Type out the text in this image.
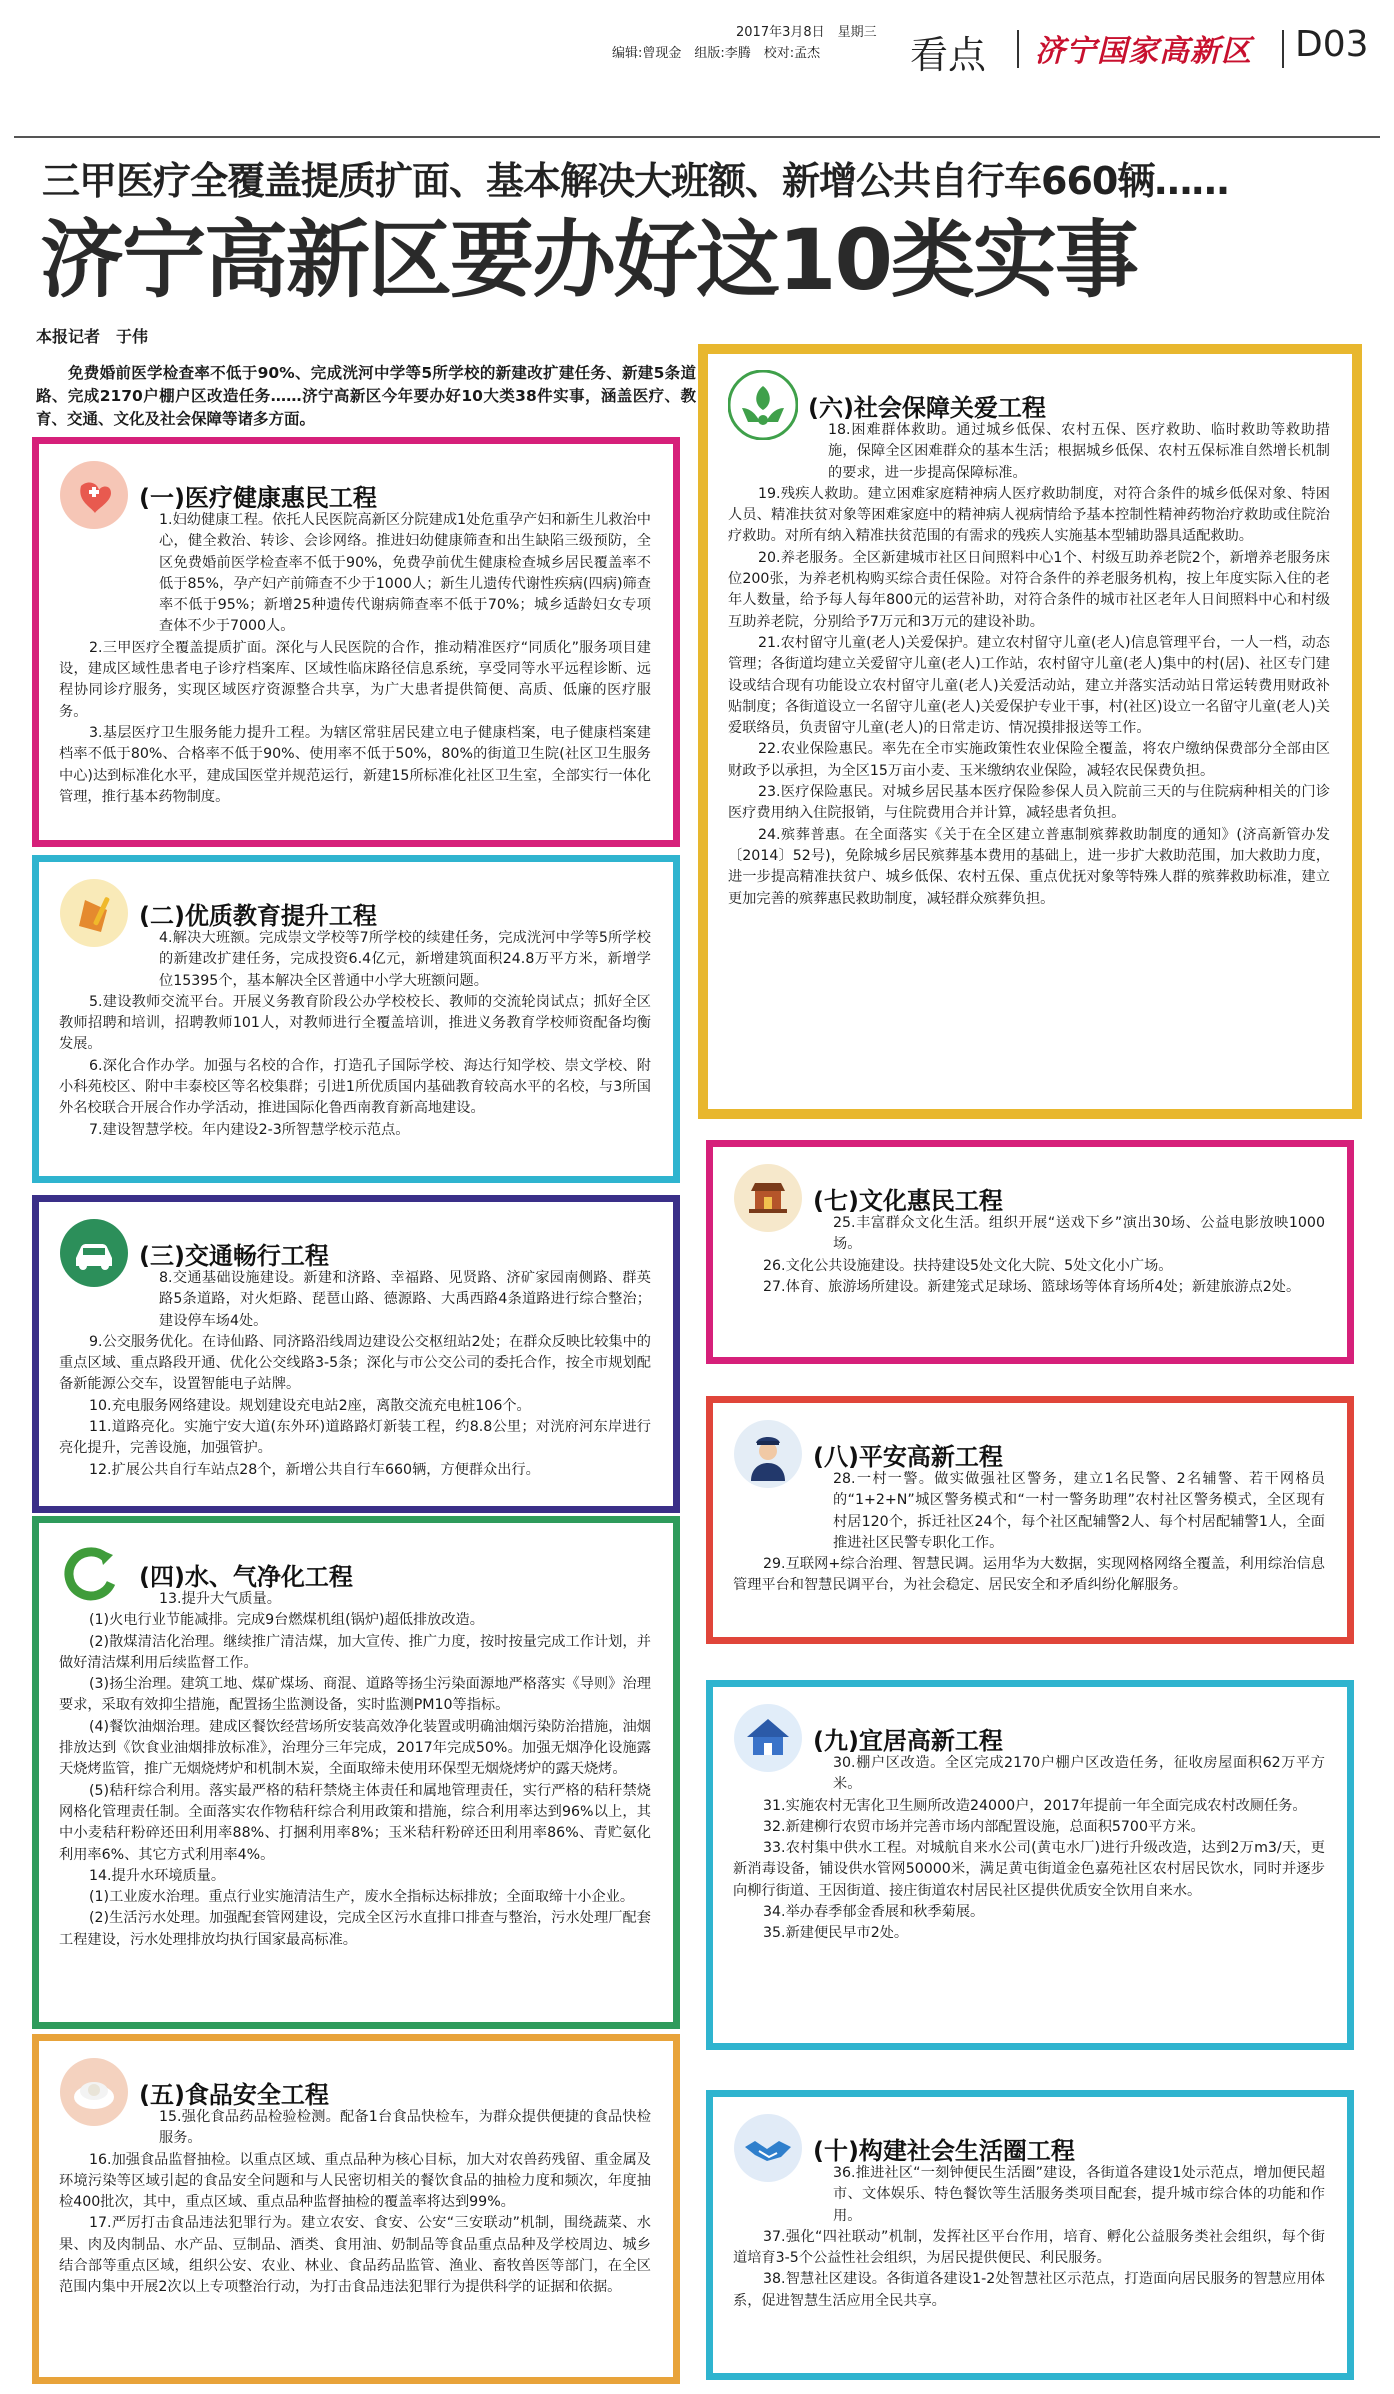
2017年3月8日　星期三
编辑:曾现金　组版:李腾　校对:孟杰	看点 济宁国家高新区 D03
三甲医疗全覆盖提质扩面、基本解决大班额、新增公共自行车660辆……
济宁高新区要办好这10类实事
本报记者　于伟
免费婚前医学检查率不低于90%、完成洸河中学等5所学校的新建改扩建任务、新建5条道路、完成2170户棚户区改造任务……济宁高新区今年要办好10大类38件实事，涵盖医疗、教育、交通、文化及社会保障等诸多方面。
(一)医疗健康惠民工程

1.妇幼健康工程。依托人民医院高新区分院建成1处危重孕产妇和新生儿救治中心，健全救治、转诊、会诊网络。推进妇幼健康筛查和出生缺陷三级预防，全区免费婚前医学检查率不低于90%，免费孕前优生健康检查城乡居民覆盖率不低于85%，孕产妇产前筛查不少于1000人；新生儿遗传代谢性疾病(四病)筛查率不低于95%；新增25种遗传代谢病筛查率不低于70%；城乡适龄妇女专项查体不少于7000人。

2.三甲医疗全覆盖提质扩面。深化与人民医院的合作，推动精准医疗“同质化”服务项目建设，建成区域性患者电子诊疗档案库、区域性临床路径信息系统，享受同等水平远程诊断、远程协同诊疗服务，实现区域医疗资源整合共享，为广大患者提供简便、高质、低廉的医疗服务。

3.基层医疗卫生服务能力提升工程。为辖区常驻居民建立电子健康档案，电子健康档案建档率不低于80%、合格率不低于90%、使用率不低于50%，80%的街道卫生院(社区卫生服务中心)达到标准化水平，建成国医堂并规范运行，新建15所标准化社区卫生室，全部实行一体化管理，推行基本药物制度。

(二)优质教育提升工程

4.解决大班额。完成崇文学校等7所学校的续建任务，完成洸河中学等5所学校的新建改扩建任务，完成投资6.4亿元，新增建筑面积24.8万平方米，新增学位15395个，基本解决全区普通中小学大班额问题。

5.建设教师交流平台。开展义务教育阶段公办学校校长、教师的交流轮岗试点；抓好全区教师招聘和培训，招聘教师101人，对教师进行全覆盖培训，推进义务教育学校师资配备均衡发展。

6.深化合作办学。加强与名校的合作，打造孔子国际学校、海达行知学校、崇文学校、附小科苑校区、附中丰泰校区等名校集群；引进1所优质国内基础教育较高水平的名校，与3所国外名校联合开展合作办学活动，推进国际化鲁西南教育新高地建设。

7.建设智慧学校。年内建设2-3所智慧学校示范点。

(三)交通畅行工程

8.交通基础设施建设。新建和济路、幸福路、见贤路、济矿家园南侧路、群英路5条道路，对火炬路、琵琶山路、德源路、大禹西路4条道路进行综合整治；建设停车场4处。

9.公交服务优化。在诗仙路、同济路沿线周边建设公交枢纽站2处；在群众反映比较集中的重点区域、重点路段开通、优化公交线路3-5条；深化与市公交公司的委托合作，按全市规划配备新能源公交车，设置智能电子站牌。

10.充电服务网络建设。规划建设充电站2座，离散交流充电桩106个。

11.道路亮化。实施宁安大道(东外环)道路路灯新装工程，约8.8公里；对洸府河东岸进行亮化提升，完善设施，加强管护。

12.扩展公共自行车站点28个，新增公共自行车660辆，方便群众出行。

(四)水、气净化工程

13.提升大气质量。

(1)火电行业节能减排。完成9台燃煤机组(锅炉)超低排放改造。

(2)散煤清洁化治理。继续推广清洁煤，加大宣传、推广力度，按时按量完成工作计划，并做好清洁煤利用后续监督工作。

(3)扬尘治理。建筑工地、煤矿煤场、商混、道路等扬尘污染面源地严格落实《导则》治理要求，采取有效抑尘措施，配置扬尘监测设备，实时监测PM10等指标。

(4)餐饮油烟治理。建成区餐饮经营场所安装高效净化装置或明确油烟污染防治措施，油烟排放达到《饮食业油烟排放标准》，治理分三年完成，2017年完成50%。加强无烟净化设施露天烧烤监管，推广无烟烧烤炉和机制木炭，全面取缔未使用环保型无烟烧烤炉的露天烧烤。

(5)秸秆综合利用。落实最严格的秸秆禁烧主体责任和属地管理责任，实行严格的秸秆禁烧网格化管理责任制。全面落实农作物秸秆综合利用政策和措施，综合利用率达到96%以上，其中小麦秸秆粉碎还田利用率88%、打捆利用率8%；玉米秸秆粉碎还田利用率86%、青贮氨化利用率6%、其它方式利用率4%。

14.提升水环境质量。

(1)工业废水治理。重点行业实施清洁生产，废水全指标达标排放；全面取缔十小企业。

(2)生活污水处理。加强配套管网建设，完成全区污水直排口排查与整治，污水处理厂配套工程建设，污水处理排放均执行国家最高标准。

(五)食品安全工程

15.强化食品药品检验检测。配备1台食品快检车，为群众提供便捷的食品快检服务。

16.加强食品监督抽检。以重点区域、重点品种为核心目标，加大对农兽药残留、重金属及环境污染等区域引起的食品安全问题和与人民密切相关的餐饮食品的抽检力度和频次，年度抽检400批次，其中，重点区域、重点品种监督抽检的覆盖率将达到99%。

17.严厉打击食品违法犯罪行为。建立农安、食安、公安“三安联动”机制，围绕蔬菜、水果、肉及肉制品、水产品、豆制品、酒类、食用油、奶制品等食品重点品种及学校周边、城乡结合部等重点区域，组织公安、农业、林业、食品药品监管、渔业、畜牧兽医等部门，在全区范围内集中开展2次以上专项整治行动，为打击食品违法犯罪行为提供科学的证据和依据。

(六)社会保障关爱工程

18.困难群体救助。通过城乡低保、农村五保、医疗救助、临时救助等救助措施，保障全区困难群众的基本生活；根据城乡低保、农村五保标准自然增长机制的要求，进一步提高保障标准。

19.残疾人救助。建立困难家庭精神病人医疗救助制度，对符合条件的城乡低保对象、特困人员、精准扶贫对象等困难家庭中的精神病人视病情给予基本控制性精神药物治疗救助或住院治疗救助。对所有纳入精准扶贫范围的有需求的残疾人实施基本型辅助器具适配救助。

20.养老服务。全区新建城市社区日间照料中心1个、村级互助养老院2个，新增养老服务床位200张，为养老机构购买综合责任保险。对符合条件的养老服务机构，按上年度实际入住的老年人数量，给予每人每年800元的运营补助，对符合条件的城市社区老年人日间照料中心和村级互助养老院，分别给予7万元和3万元的建设补助。

21.农村留守儿童(老人)关爱保护。建立农村留守儿童(老人)信息管理平台，一人一档，动态管理；各街道均建立关爱留守儿童(老人)工作站，农村留守儿童(老人)集中的村(居)、社区专门建设或结合现有功能设立农村留守儿童(老人)关爱活动站，建立并落实活动站日常运转费用财政补贴制度；各街道设立一名留守儿童(老人)关爱保护专业干事，村(社区)设立一名留守儿童(老人)关爱联络员，负责留守儿童(老人)的日常走访、情况摸排报送等工作。

22.农业保险惠民。率先在全市实施政策性农业保险全覆盖，将农户缴纳保费部分全部由区财政予以承担，为全区15万亩小麦、玉米缴纳农业保险，减轻农民保费负担。

23.医疗保险惠民。对城乡居民基本医疗保险参保人员入院前三天的与住院病种相关的门诊医疗费用纳入住院报销，与住院费用合并计算，减轻患者负担。

24.殡葬普惠。在全面落实《关于在全区建立普惠制殡葬救助制度的通知》(济高新管办发〔2014〕52号)，免除城乡居民殡葬基本费用的基础上，进一步扩大救助范围，加大救助力度，进一步提高精准扶贫户、城乡低保、农村五保、重点优抚对象等特殊人群的殡葬救助标准，建立更加完善的殡葬惠民救助制度，减轻群众殡葬负担。

(七)文化惠民工程

25.丰富群众文化生活。组织开展“送戏下乡”演出30场、公益电影放映1000场。

26.文化公共设施建设。扶持建设5处文化大院、5处文化小广场。

27.体育、旅游场所建设。新建笼式足球场、篮球场等体育场所4处；新建旅游点2处。

(八)平安高新工程

28.一村一警。做实做强社区警务，建立1名民警、2名辅警、若干网格员的“1+2+N”城区警务模式和“一村一警务助理”农村社区警务模式，全区现有村居120个，拆迁社区24个，每个社区配辅警2人、每个村居配辅警1人，全面推进社区民警专职化工作。

29.互联网+综合治理、智慧民调。运用华为大数据，实现网格网络全覆盖，利用综治信息管理平台和智慧民调平台，为社会稳定、居民安全和矛盾纠纷化解服务。

(九)宜居高新工程

30.棚户区改造。全区完成2170户棚户区改造任务，征收房屋面积62万平方米。

31.实施农村无害化卫生厕所改造24000户，2017年提前一年全面完成农村改厕任务。

32.新建柳行农贸市场并完善市场内部配置设施，总面积5700平方米。

33.农村集中供水工程。对城航自来水公司(黄屯水厂)进行升级改造，达到2万m3/天，更新消毒设备，铺设供水管网50000米，满足黄屯街道金色嘉苑社区农村居民饮水，同时并逐步向柳行街道、王因街道、接庄街道农村居民社区提供优质安全饮用自来水。

34.举办春季郁金香展和秋季菊展。

35.新建便民早市2处。

(十)构建社会生活圈工程

36.推进社区“一刻钟便民生活圈”建设，各街道各建设1处示范点，增加便民超市、文体娱乐、特色餐饮等生活服务类项目配套，提升城市综合体的功能和作用。

37.强化“四社联动”机制，发挥社区平台作用，培育、孵化公益服务类社会组织，每个街道培育3-5个公益性社会组织，为居民提供便民、利民服务。

38.智慧社区建设。各街道各建设1-2处智慧社区示范点，打造面向居民服务的智慧应用体系，促进智慧生活应用全民共享。
